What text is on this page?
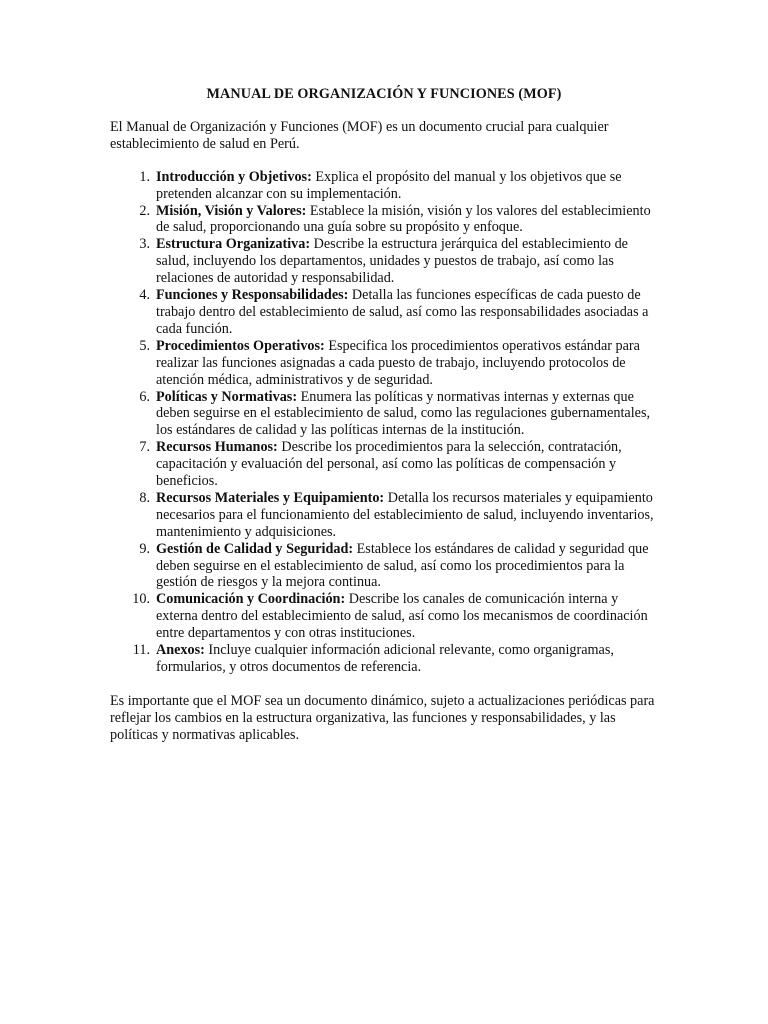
MANUAL DE ORGANIZACIÓN Y FUNCIONES (MOF)
El Manual de Organización y Funciones (MOF) es un documento crucial para cualquier establecimiento de salud en Perú.
1. Introducción y Objetivos: Explica el propósito del manual y los objetivos que se pretenden alcanzar con su implementación.
2. Misión, Visión y Valores: Establece la misión, visión y los valores del establecimiento de salud, proporcionando una guía sobre su propósito y enfoque.
3. Estructura Organizativa: Describe la estructura jerárquica del establecimiento de salud, incluyendo los departamentos, unidades y puestos de trabajo, así como las relaciones de autoridad y responsabilidad.
4. Funciones y Responsabilidades: Detalla las funciones específicas de cada puesto de trabajo dentro del establecimiento de salud, así como las responsabilidades asociadas a cada función.
5. Procedimientos Operativos: Especifica los procedimientos operativos estándar para realizar las funciones asignadas a cada puesto de trabajo, incluyendo protocolos de atención médica, administrativos y de seguridad.
6. Políticas y Normativas: Enumera las políticas y normativas internas y externas que deben seguirse en el establecimiento de salud, como las regulaciones gubernamentales, los estándares de calidad y las políticas internas de la institución.
7. Recursos Humanos: Describe los procedimientos para la selección, contratación, capacitación y evaluación del personal, así como las políticas de compensación y beneficios.
8. Recursos Materiales y Equipamiento: Detalla los recursos materiales y equipamiento necesarios para el funcionamiento del establecimiento de salud, incluyendo inventarios, mantenimiento y adquisiciones.
9. Gestión de Calidad y Seguridad: Establece los estándares de calidad y seguridad que deben seguirse en el establecimiento de salud, así como los procedimientos para la gestión de riesgos y la mejora continua.
10. Comunicación y Coordinación: Describe los canales de comunicación interna y externa dentro del establecimiento de salud, así como los mecanismos de coordinación entre departamentos y con otras instituciones.
11. Anexos: Incluye cualquier información adicional relevante, como organigramas, formularios, y otros documentos de referencia.
Es importante que el MOF sea un documento dinámico, sujeto a actualizaciones periódicas para reflejar los cambios en la estructura organizativa, las funciones y responsabilidades, y las políticas y normativas aplicables.
